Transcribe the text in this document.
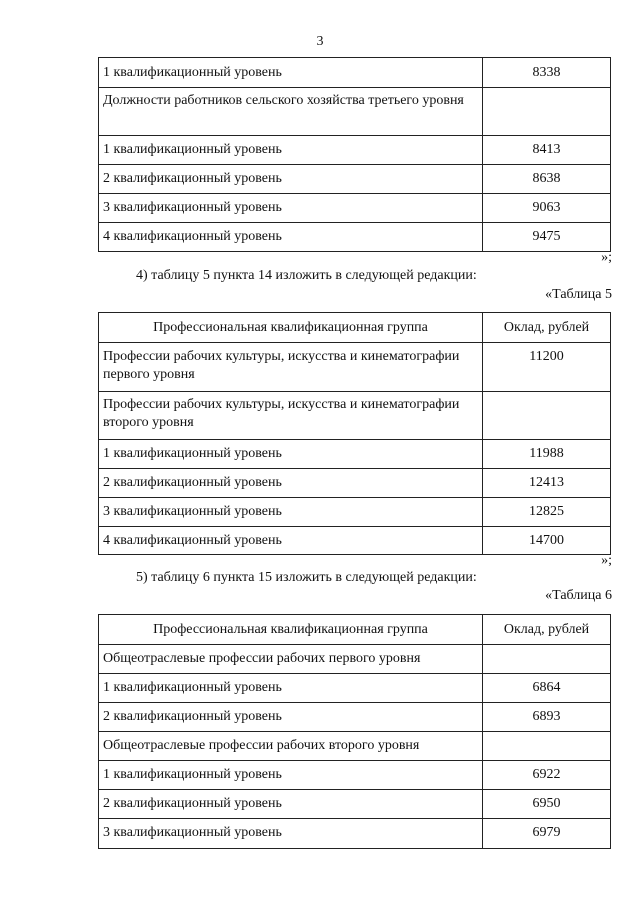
3
1 квалификационный уровень	8338
Должности работников сельского хозяйства третьего уровня	
1 квалификационный уровень	8413
2 квалификационный уровень	8638
3 квалификационный уровень	9063
4 квалификационный уровень	9475
»;
4) таблицу 5 пункта 14 изложить в следующей редакции:
«Таблица 5
Профессиональная квалификационная группа	Оклад, рублей
Профессии рабочих культуры, искусства и кинематографии первого уровня	11200
Профессии рабочих культуры, искусства и кинематографии второго уровня	
1 квалификационный уровень	11988
2 квалификационный уровень	12413
3 квалификационный уровень	12825
4 квалификационный уровень	14700
»;
5) таблицу 6 пункта 15 изложить в следующей редакции:
«Таблица 6
Профессиональная квалификационная группа	Оклад, рублей
Общеотраслевые профессии рабочих первого уровня	
1 квалификационный уровень	6864
2 квалификационный уровень	6893
Общеотраслевые профессии рабочих второго уровня	
1 квалификационный уровень	6922
2 квалификационный уровень	6950
3 квалификационный уровень	6979
